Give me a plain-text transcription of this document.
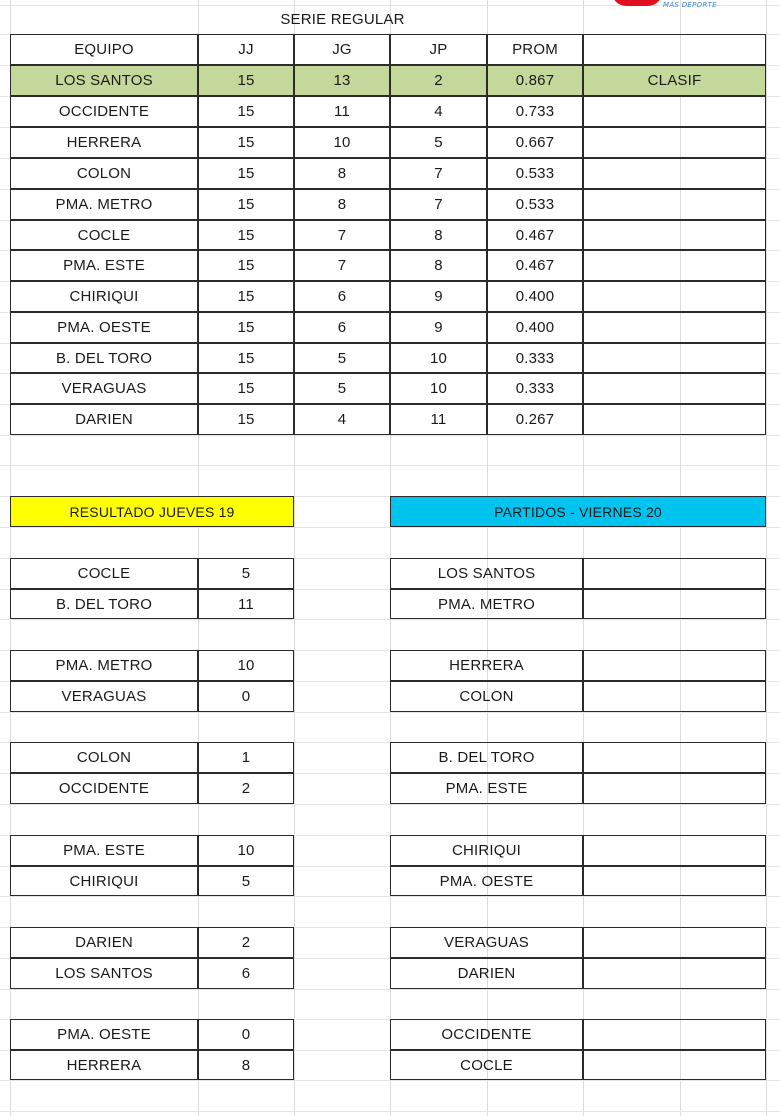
MAS DEPORTE
SERIE REGULAR
EQUIPO	JJ	JG	JP	PROM
LOS SANTOS	15	13	2	0.867	CLASIF
OCCIDENTE	15	11	4	0.733
HERRERA	15	10	5	0.667
COLON	15	8	7	0.533
PMA. METRO	15	8	7	0.533
COCLE	15	7	8	0.467
PMA. ESTE	15	7	8	0.467
CHIRIQUI	15	6	9	0.400
PMA. OESTE	15	6	9	0.400
B. DEL TORO	15	5	10	0.333
VERAGUAS	15	5	10	0.333
DARIEN	15	4	11	0.267
RESULTADO JUEVES 19	PARTIDOS - VIERNES 20
COCLE	5	LOS SANTOS
B. DEL TORO	11	PMA. METRO
PMA. METRO	10	HERRERA
VERAGUAS	0	COLON
COLON	1	B. DEL TORO
OCCIDENTE	2	PMA. ESTE
PMA. ESTE	10	CHIRIQUI
CHIRIQUI	5	PMA. OESTE
DARIEN	2	VERAGUAS
LOS SANTOS	6	DARIEN
PMA. OESTE	0	OCCIDENTE
HERRERA	8	COCLE
